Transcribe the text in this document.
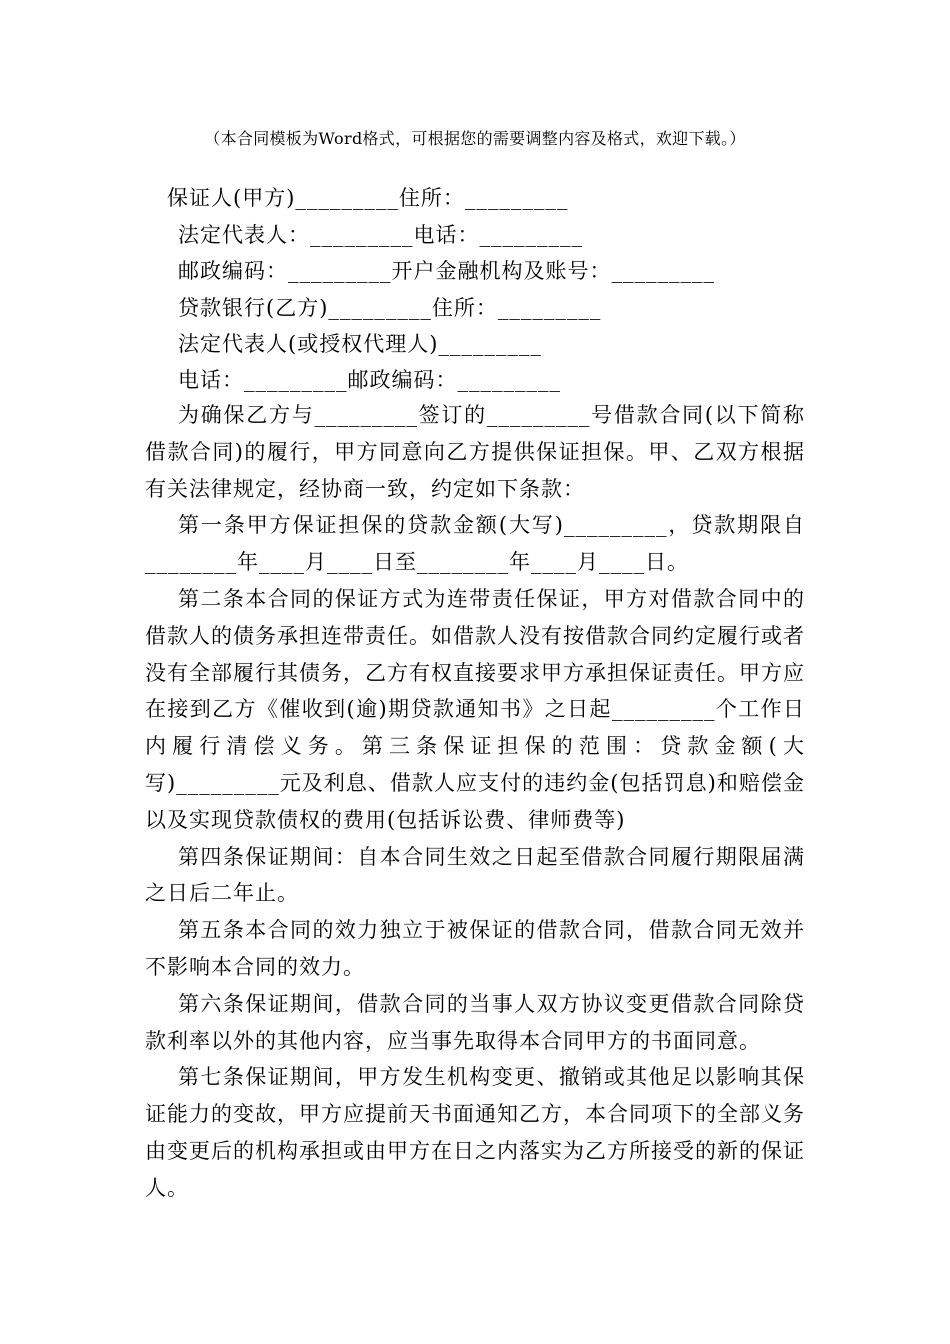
（本合同模板为Word格式，可根据您的需要调整内容及格式，欢迎下载。）
保证人(甲方)_________住所：_________
法定代表人：_________电话：_________
邮政编码：_________开户金融机构及账号：_________
贷款银行(乙方)_________住所：_________
法定代表人(或授权代理人)_________
电话：_________邮政编码：_________

为确保乙方与_________签订的_________号借款合同(以下简称借款合同)的履行，甲方同意向乙方提供保证担保。甲、乙双方根据有关法律规定，经协商一致，约定如下条款：

第一条甲方保证担保的贷款金额(大写)_________，贷款期限自________年____月____日至________年____月____日。

第二条本合同的保证方式为连带责任保证，甲方对借款合同中的借款人的债务承担连带责任。如借款人没有按借款合同约定履行或者没有全部履行其债务，乙方有权直接要求甲方承担保证责任。甲方应在接到乙方《催收到(逾)期贷款通知书》之日起_________个工作日内履行清偿义务。第三条保证担保的范围：贷款金额(大写)_________元及利息、借款人应支付的违约金(包括罚息)和赔偿金以及实现贷款债权的费用(包括诉讼费、律师费等)

第四条保证期间：自本合同生效之日起至借款合同履行期限届满之日后二年止。

第五条本合同的效力独立于被保证的借款合同，借款合同无效并不影响本合同的效力。

第六条保证期间，借款合同的当事人双方协议变更借款合同除贷款利率以外的其他内容，应当事先取得本合同甲方的书面同意。

第七条保证期间，甲方发生机构变更、撤销或其他足以影响其保证能力的变故，甲方应提前天书面通知乙方，本合同项下的全部义务由变更后的机构承担或由甲方在日之内落实为乙方所接受的新的保证人。
